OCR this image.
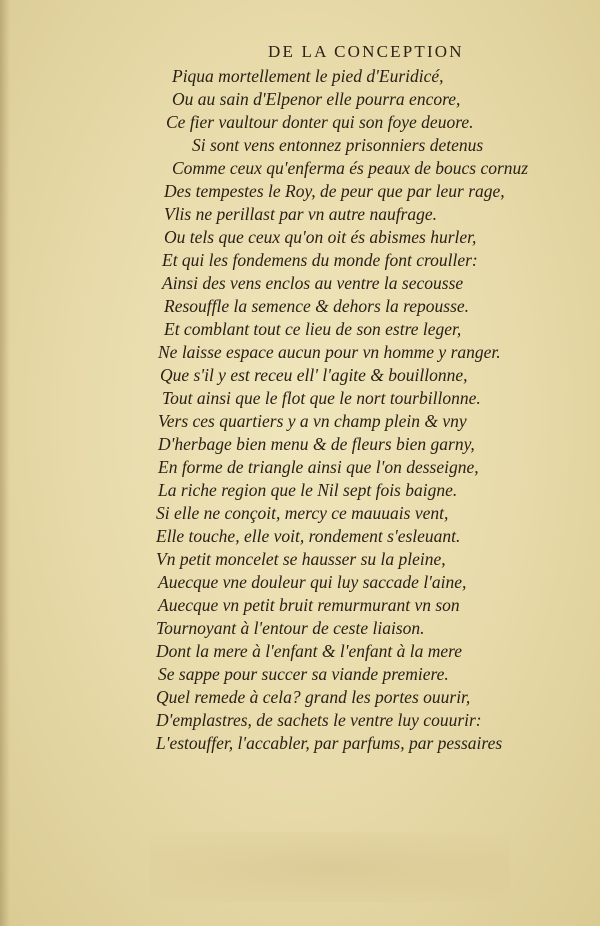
DE LA CONCEPTION
Piqua mortellement le pied d'Euridicé,
Ou au sain d'Elpenor elle pourra encore,
Ce fier vaultour donter qui son foye deuore.
Si sont vens entonnez prisonniers detenus
Comme ceux qu'enferma és peaux de boucs cornuz
Des tempestes le Roy, de peur que par leur rage,
Vlis ne perillast par vn autre naufrage.
Ou tels que ceux qu'on oit és abismes hurler,
Et qui les fondemens du monde font crouller:
Ainsi des vens enclos au ventre la secousse
Resouffle la semence & dehors la repousse.
Et comblant tout ce lieu de son estre leger,
Ne laisse espace aucun pour vn homme y ranger.
Que s'il y est receu ell' l'agite & bouillonne,
Tout ainsi que le flot que le nort tourbillonne.
Vers ces quartiers y a vn champ plein & vny
D'herbage bien menu & de fleurs bien garny,
En forme de triangle ainsi que l'on desseigne,
La riche region que le Nil sept fois baigne.
Si elle ne conçoit, mercy ce mauuais vent,
Elle touche, elle voit, rondement s'esleuant.
Vn petit moncelet se hausser su la pleine,
Auecque vne douleur qui luy saccade l'aine,
Auecque vn petit bruit remurmurant vn son
Tournoyant à l'entour de ceste liaison.
Dont la mere à l'enfant & l'enfant à la mere
Se sappe pour succer sa viande premiere.
Quel remede à cela? grand les portes ouurir,
D'emplastres, de sachets le ventre luy couurir:
L'estouffer, l'accabler, par parfums, par pessaires
